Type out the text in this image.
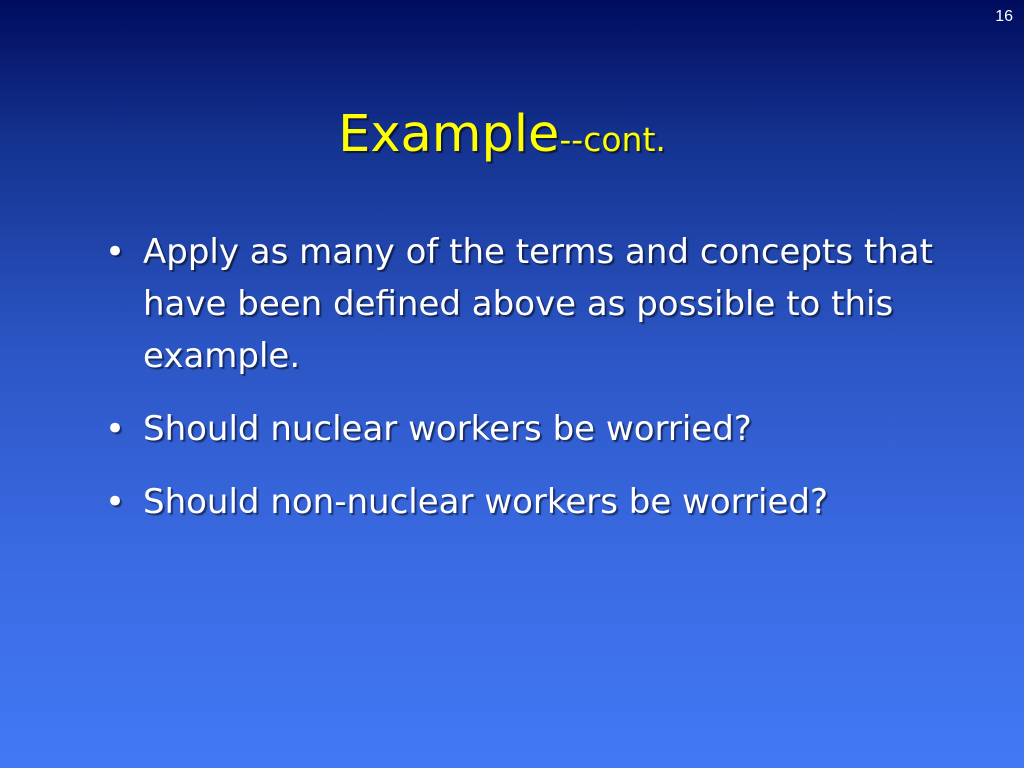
16
Example--cont.
• Apply as many of the terms and concepts that have been defined above as possible to this example.
• Should nuclear workers be worried?
• Should non-nuclear workers be worried?
